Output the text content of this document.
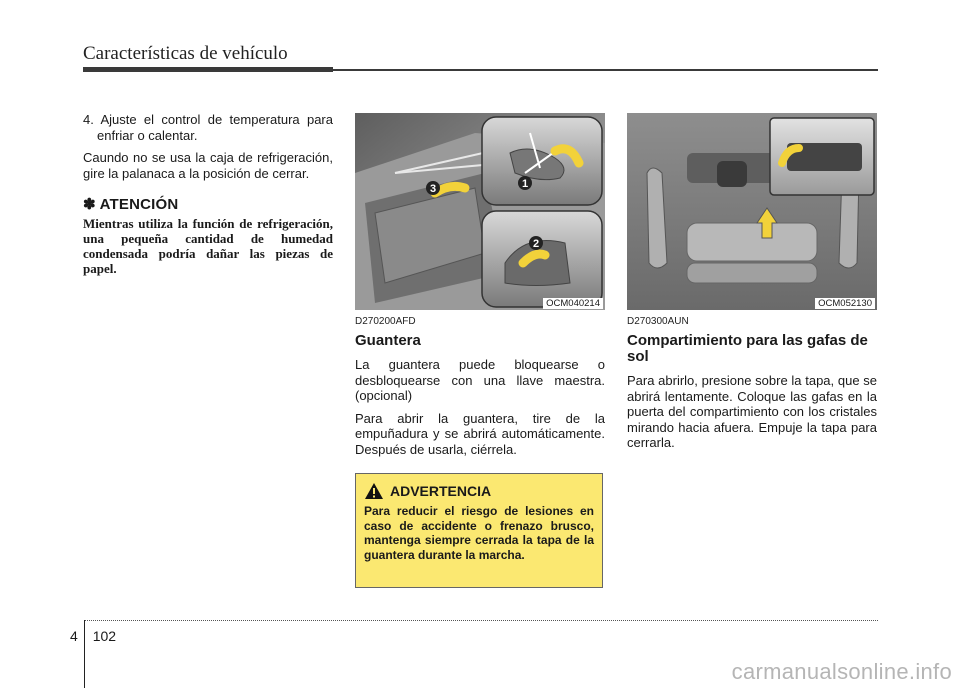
Características de vehículo

4. Ajuste el control de temperatura para enfriar o calentar.

Caundo no se usa la caja de refrigeración, gire la palanaca a la posición de cerrar.

✽ ATENCIÓN

Mientras utiliza la función de refrigeración, una pequeña cantidad de humedad condensada podría dañar las piezas de papel.

1
2
3
OCM040214	OCM052130
D270200AFD
Guantera

La guantera puede bloquearse o desbloquearse con una llave maestra. (opcional)

Para abrir la guantera, tire de la empuñadura y se abrirá automáticamente. Después de usarla, ciérrela.

ADVERTENCIA

Para reducir el riesgo de lesiones en caso de accidente o frenazo brusco, mantenga siempre cerrada la tapa de la guantera durante la marcha.

D270300AUN
Compartimiento para las gafas de sol

Para abrirlo, presione sobre la tapa, que se abrirá lentamente. Coloque las gafas en la puerta del compartimiento con los cristales mirando hacia afuera. Empuje la tapa para cerrarla.

4 102
carmanualsonline.info
